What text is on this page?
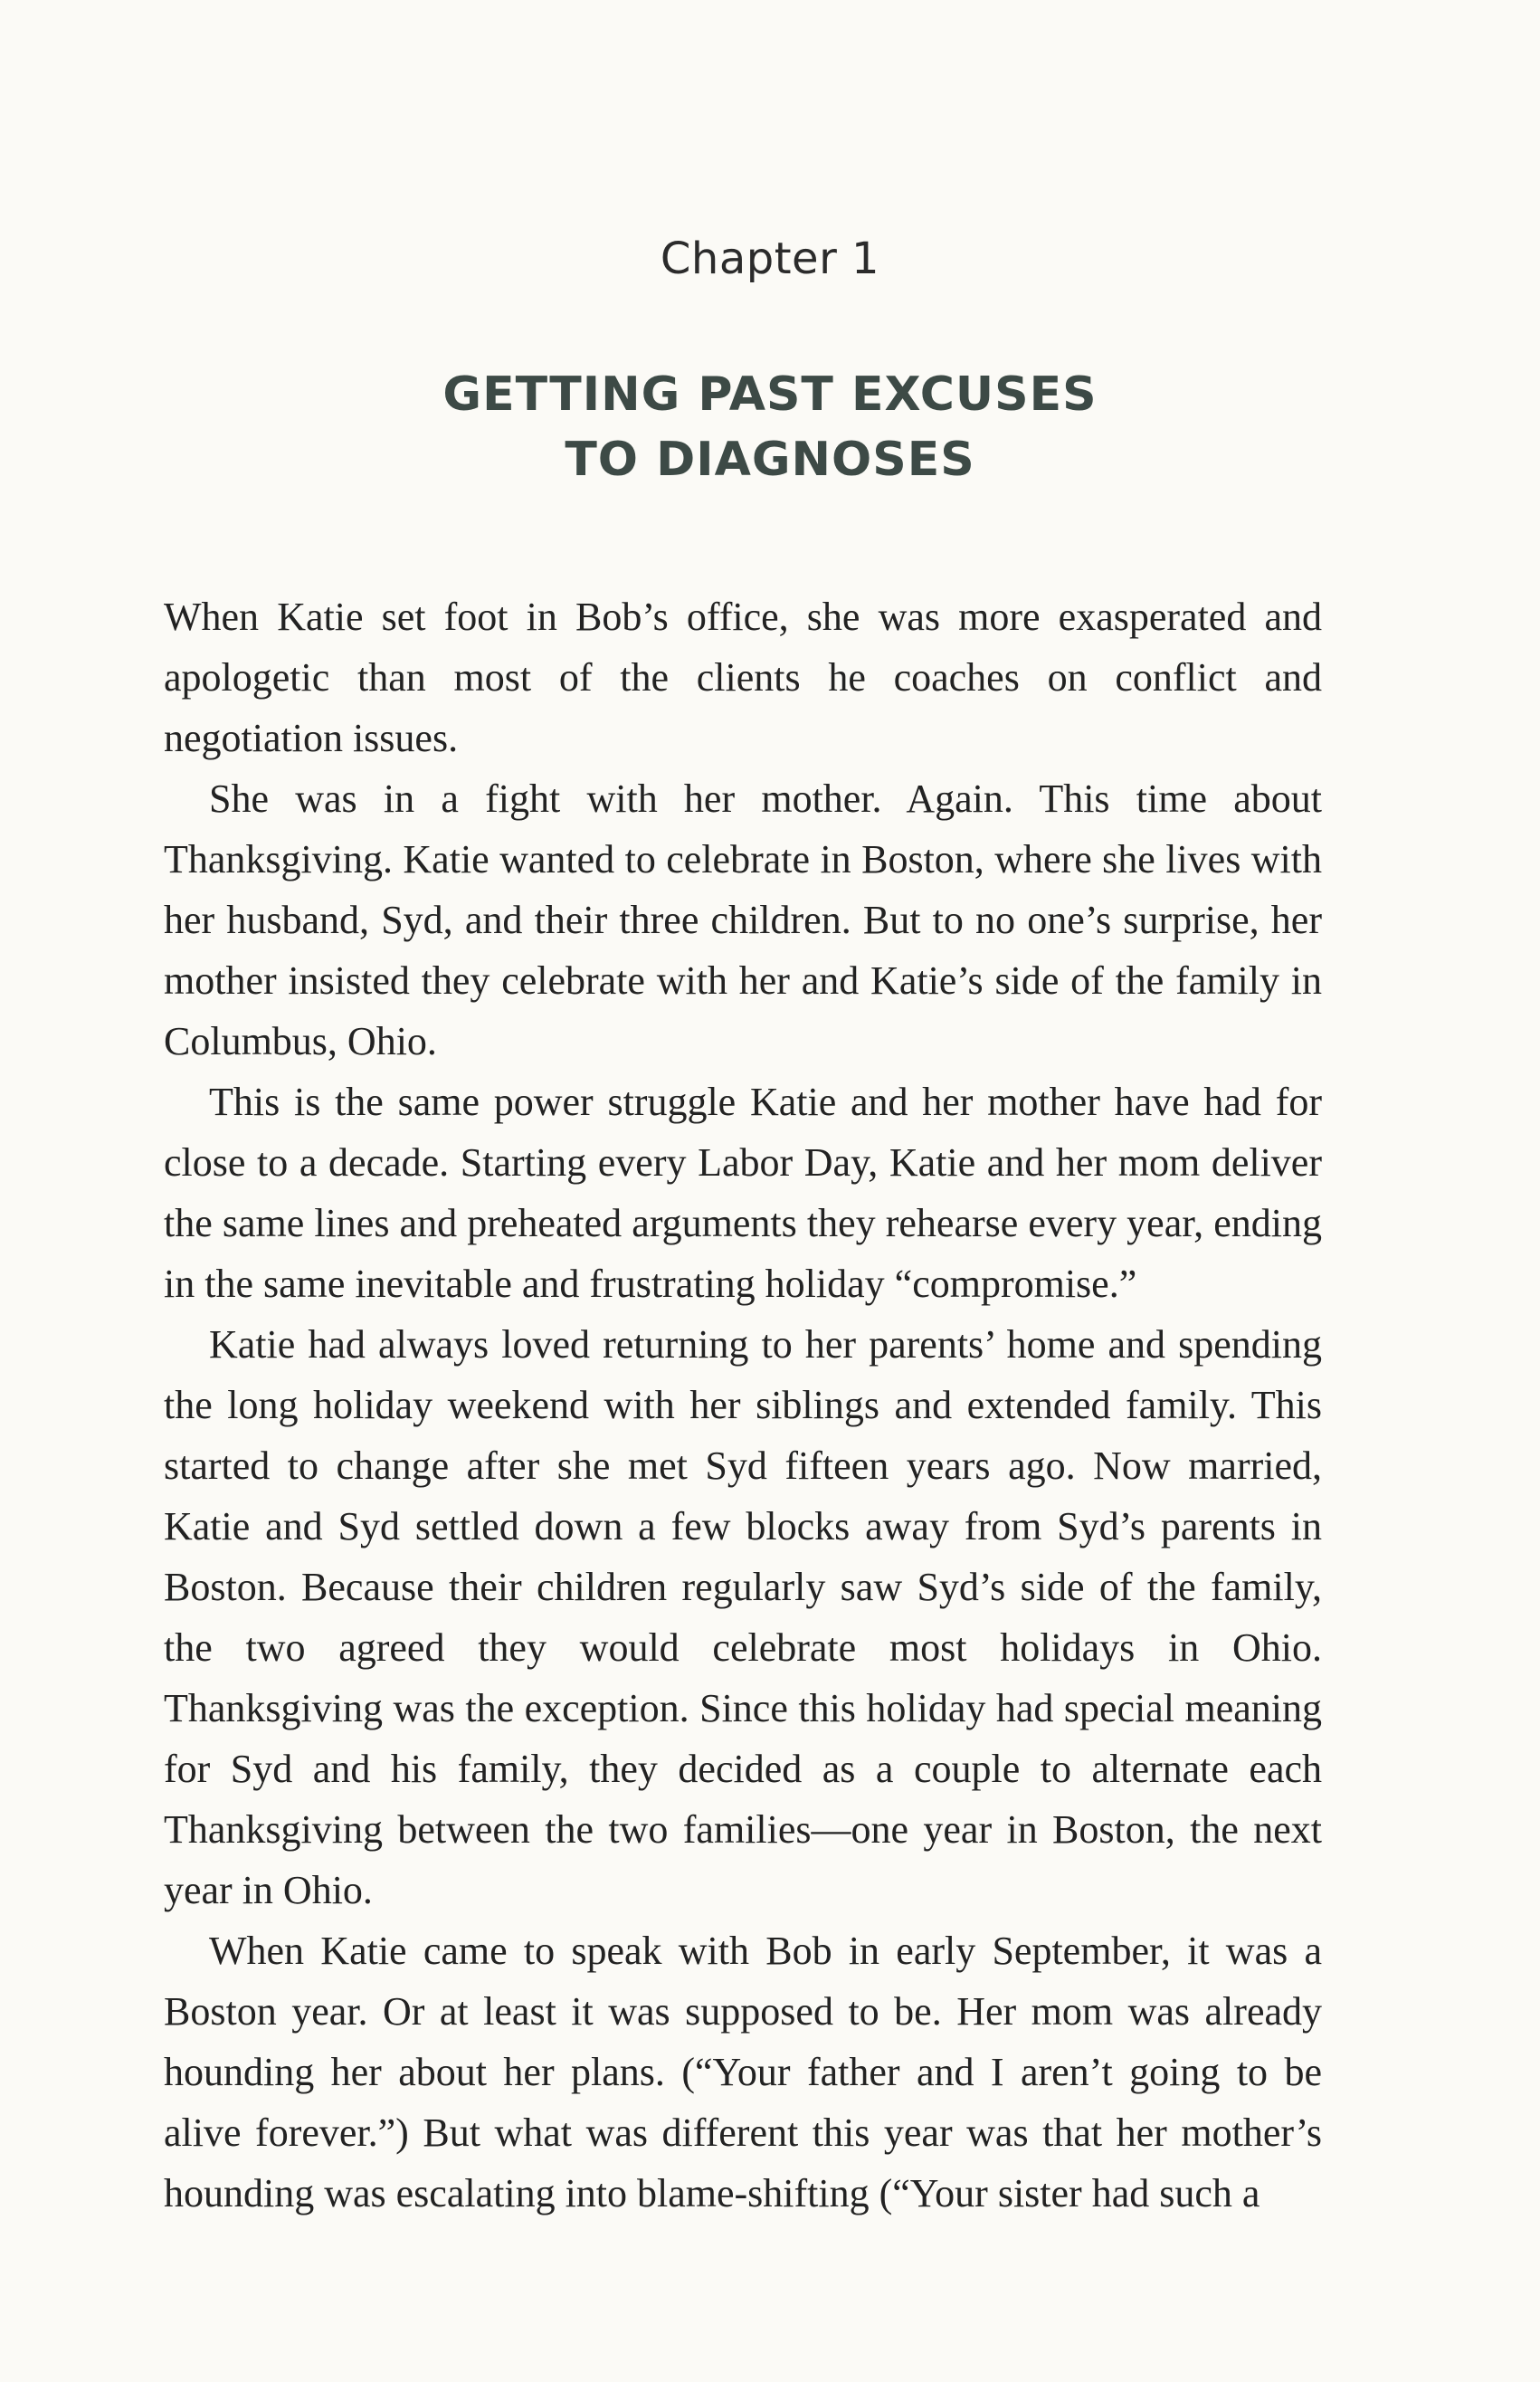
Chapter 1
GETTING PAST EXCUSES
TO DIAGNOSES

When Katie set foot in Bob’s office, she was more exasperated and apologetic than most of the clients he coaches on conflict and negotiation issues.

She was in a fight with her mother. Again. This time about Thanksgiving. Katie wanted to celebrate in Boston, where she lives with her husband, Syd, and their three children. But to no one’s surprise, her mother insisted they celebrate with her and Katie’s side of the family in Columbus, Ohio.

This is the same power struggle Katie and her mother have had for close to a decade. Starting every Labor Day, Katie and her mom deliver the same lines and preheated arguments they rehearse every year, ending in the same inevitable and frustrating holiday “compromise.”

Katie had always loved returning to her parents’ home and spending the long holiday weekend with her siblings and extended family. This started to change after she met Syd fifteen years ago. Now married, Katie and Syd settled down a few blocks away from Syd’s parents in Boston. Because their children regularly saw Syd’s side of the family, the two agreed they would celebrate most holidays in Ohio. Thanksgiving was the exception. Since this holiday had special meaning for Syd and his family, they decided as a couple to alternate each Thanksgiving between the two families—one year in Boston, the next year in Ohio.

When Katie came to speak with Bob in early September, it was a Boston year. Or at least it was supposed to be. Her mom was already hounding her about her plans. (“Your father and I aren’t going to be alive forever.”) But what was different this year was that her mother’s hounding was escalating into blame-shifting (“Your sister had such a
